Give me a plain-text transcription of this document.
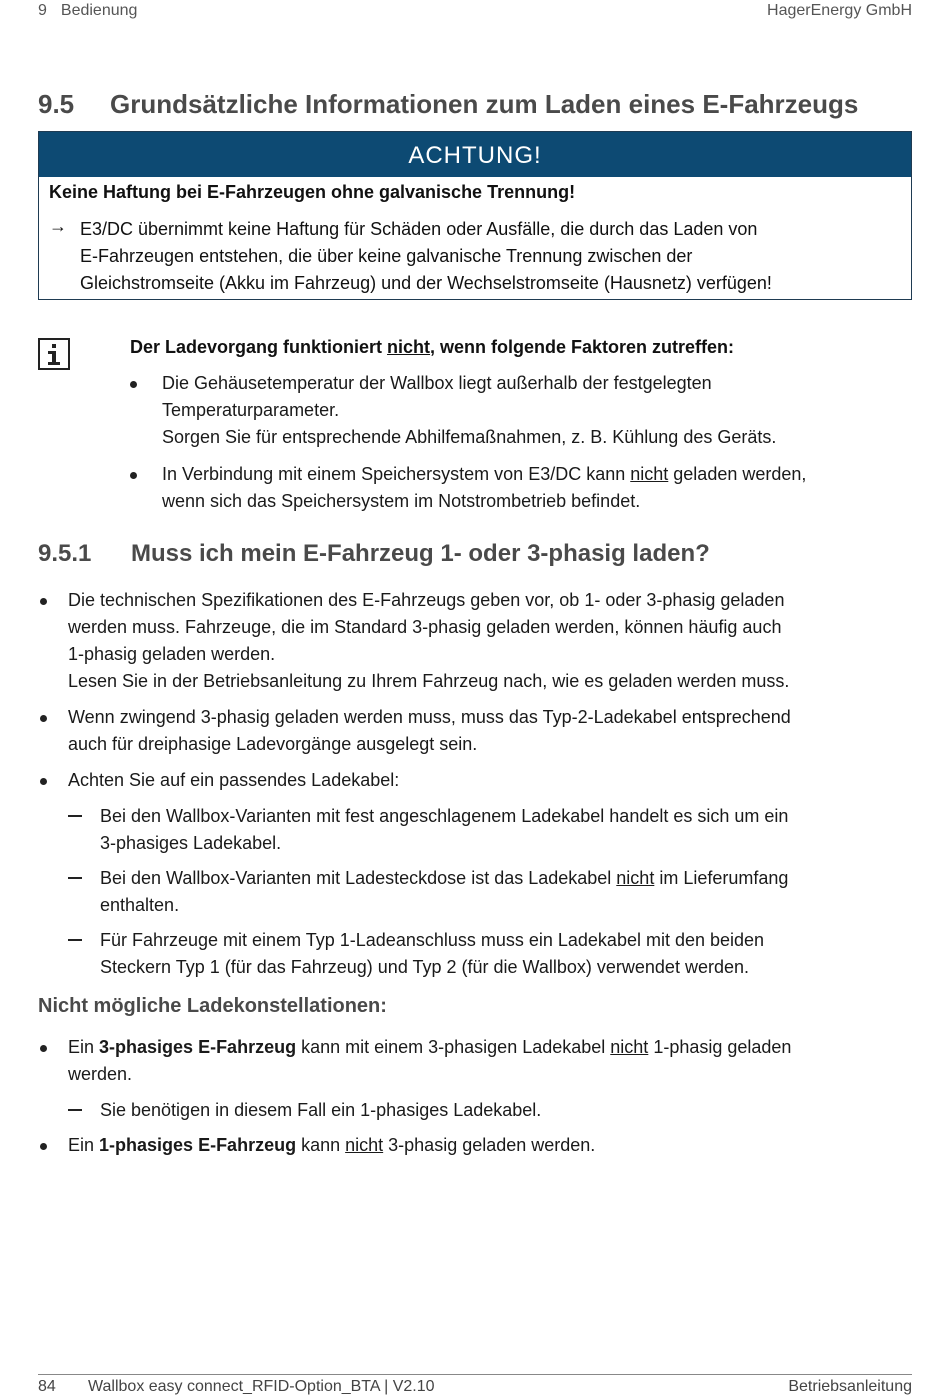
9 Bedienung	HagerEnergy GmbH
9.5 Grundsätzliche Informationen zum Laden eines E-Fahrzeugs
ACHTUNG!
Keine Haftung bei E-Fahrzeugen ohne galvanische Trennung!
→ E3/DC übernimmt keine Haftung für Schäden oder Ausfälle, die durch das Laden von
E-Fahrzeugen entstehen, die über keine galvanische Trennung zwischen der
Gleichstromseite (Akku im Fahrzeug) und der Wechselstromseite (Hausnetz) verfügen!

Der Ladevorgang funktioniert nicht, wenn folgende Faktoren zutreffen:

Die Gehäusetemperatur der Wallbox liegt außerhalb der festgelegten
Temperaturparameter.
Sorgen Sie für entsprechende Abhilfemaßnahmen, z. B. Kühlung des Geräts.
In Verbindung mit einem Speichersystem von E3/DC kann nicht geladen werden,
wenn sich das Speichersystem im Notstrombetrieb befindet.
9.5.1 Muss ich mein E-Fahrzeug 1- oder 3-phasig laden?
Die technischen Spezifikationen des E-Fahrzeugs geben vor, ob 1- oder 3-phasig geladen
werden muss. Fahrzeuge, die im Standard 3-phasig geladen werden, können häufig auch
1-phasig geladen werden.
Lesen Sie in der Betriebsanleitung zu Ihrem Fahrzeug nach, wie es geladen werden muss.
Wenn zwingend 3-phasig geladen werden muss, muss das Typ-2-Ladekabel entsprechend
auch für dreiphasige Ladevorgänge ausgelegt sein.
Achten Sie auf ein passendes Ladekabel:
Bei den Wallbox-Varianten mit fest angeschlagenem Ladekabel handelt es sich um ein
3-phasiges Ladekabel.
Bei den Wallbox-Varianten mit Ladesteckdose ist das Ladekabel nicht im Lieferumfang
enthalten.
Für Fahrzeuge mit einem Typ 1-Ladeanschluss muss ein Ladekabel mit den beiden
Steckern Typ 1 (für das Fahrzeug) und Typ 2 (für die Wallbox) verwendet werden.
Nicht mögliche Ladekonstellationen:
Ein 3-phasiges E-Fahrzeug kann mit einem 3-phasigen Ladekabel nicht 1-phasig geladen
werden.
Sie benötigen in diesem Fall ein 1-phasiges Ladekabel.
Ein 1-phasiges E-Fahrzeug kann nicht 3-phasig geladen werden.
84 Wallbox easy connect_RFID-Option_BTA | V2.10	Betriebsanleitung
